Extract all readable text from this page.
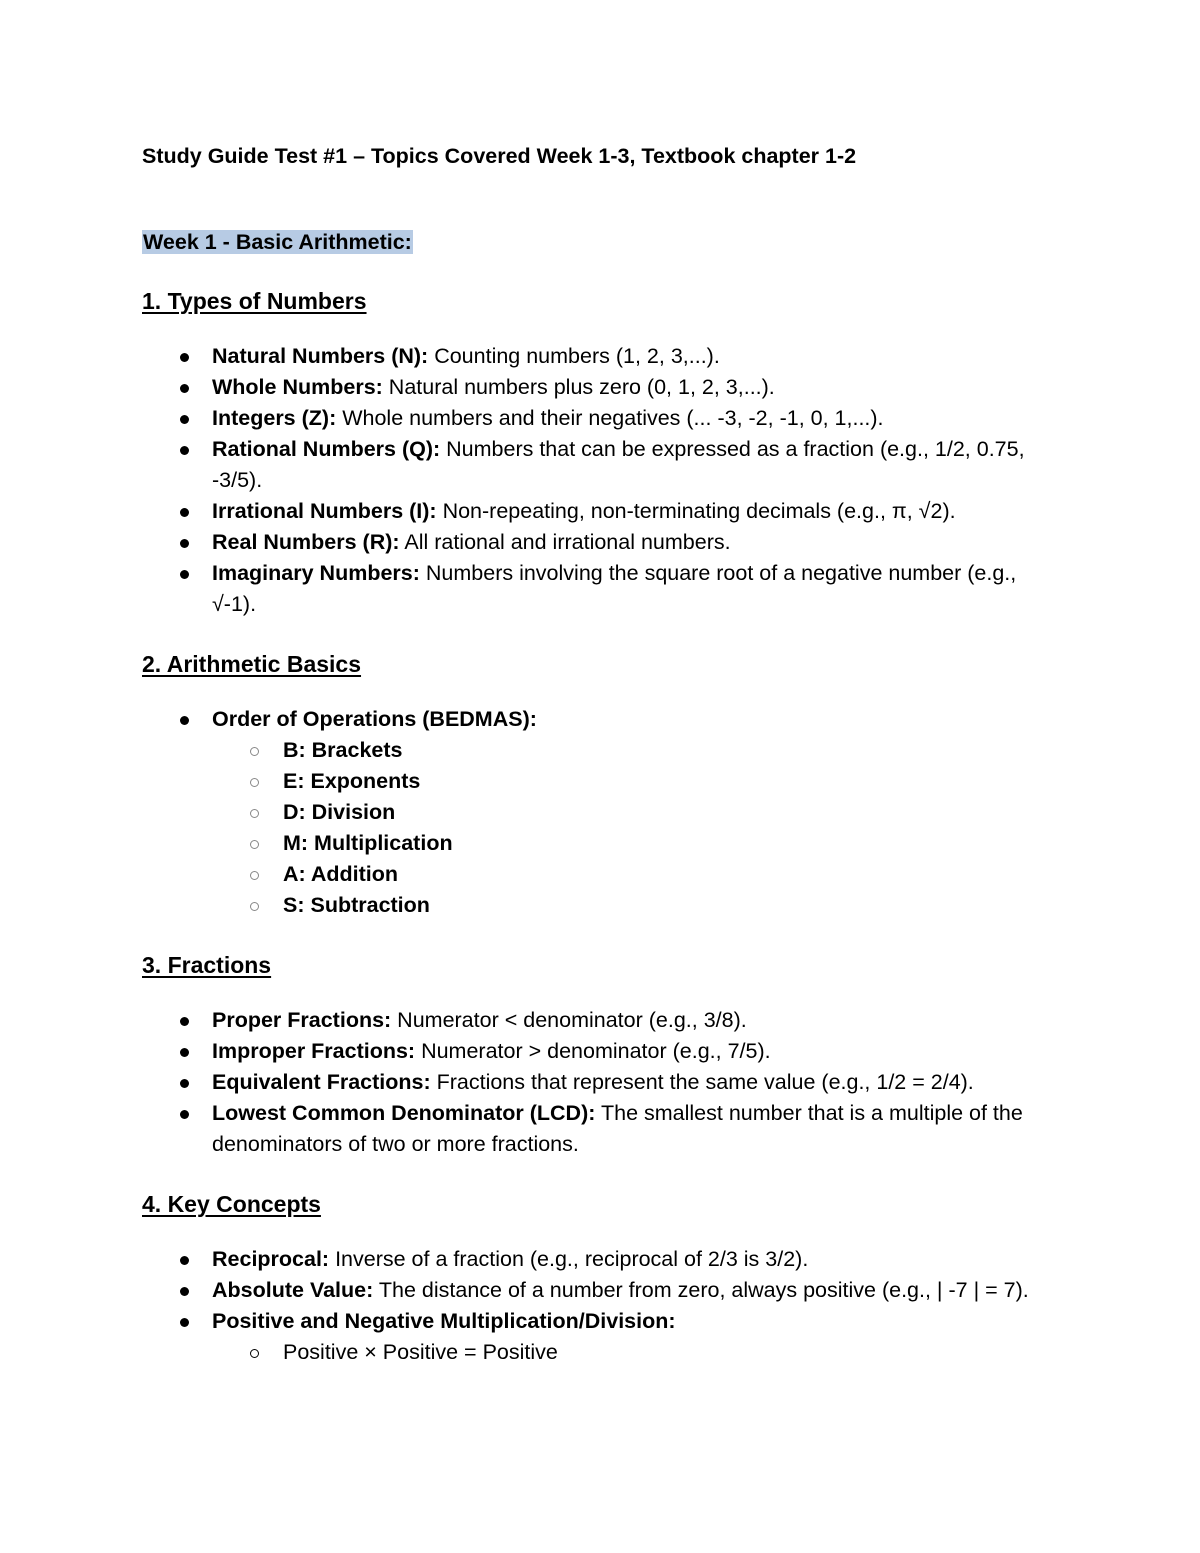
Study Guide Test #1 – Topics Covered Week 1-3, Textbook chapter 1-2

Week 1 - Basic Arithmetic:

1. Types of Numbers
Natural Numbers (N): Counting numbers (1, 2, 3,...).
Whole Numbers: Natural numbers plus zero (0, 1, 2, 3,...).
Integers (Z): Whole numbers and their negatives (... -3, -2, -1, 0, 1,...).
Rational Numbers (Q): Numbers that can be expressed as a fraction (e.g., 1/2, 0.75, -3/5).
Irrational Numbers (I): Non-repeating, non-terminating decimals (e.g., π, √2).
Real Numbers (R): All rational and irrational numbers.
Imaginary Numbers: Numbers involving the square root of a negative number (e.g., √-1).
2. Arithmetic Basics
Order of Operations (BEDMAS):
B: Brackets
E: Exponents
D: Division
M: Multiplication
A: Addition
S: Subtraction
3. Fractions
Proper Fractions: Numerator < denominator (e.g., 3/8).
Improper Fractions: Numerator > denominator (e.g., 7/5).
Equivalent Fractions: Fractions that represent the same value (e.g., 1/2 = 2/4).
Lowest Common Denominator (LCD): The smallest number that is a multiple of the denominators of two or more fractions.
4. Key Concepts
Reciprocal: Inverse of a fraction (e.g., reciprocal of 2/3 is 3/2).
Absolute Value: The distance of a number from zero, always positive (e.g., | -7 | = 7).
Positive and Negative Multiplication/Division:
Positive × Positive = Positive
